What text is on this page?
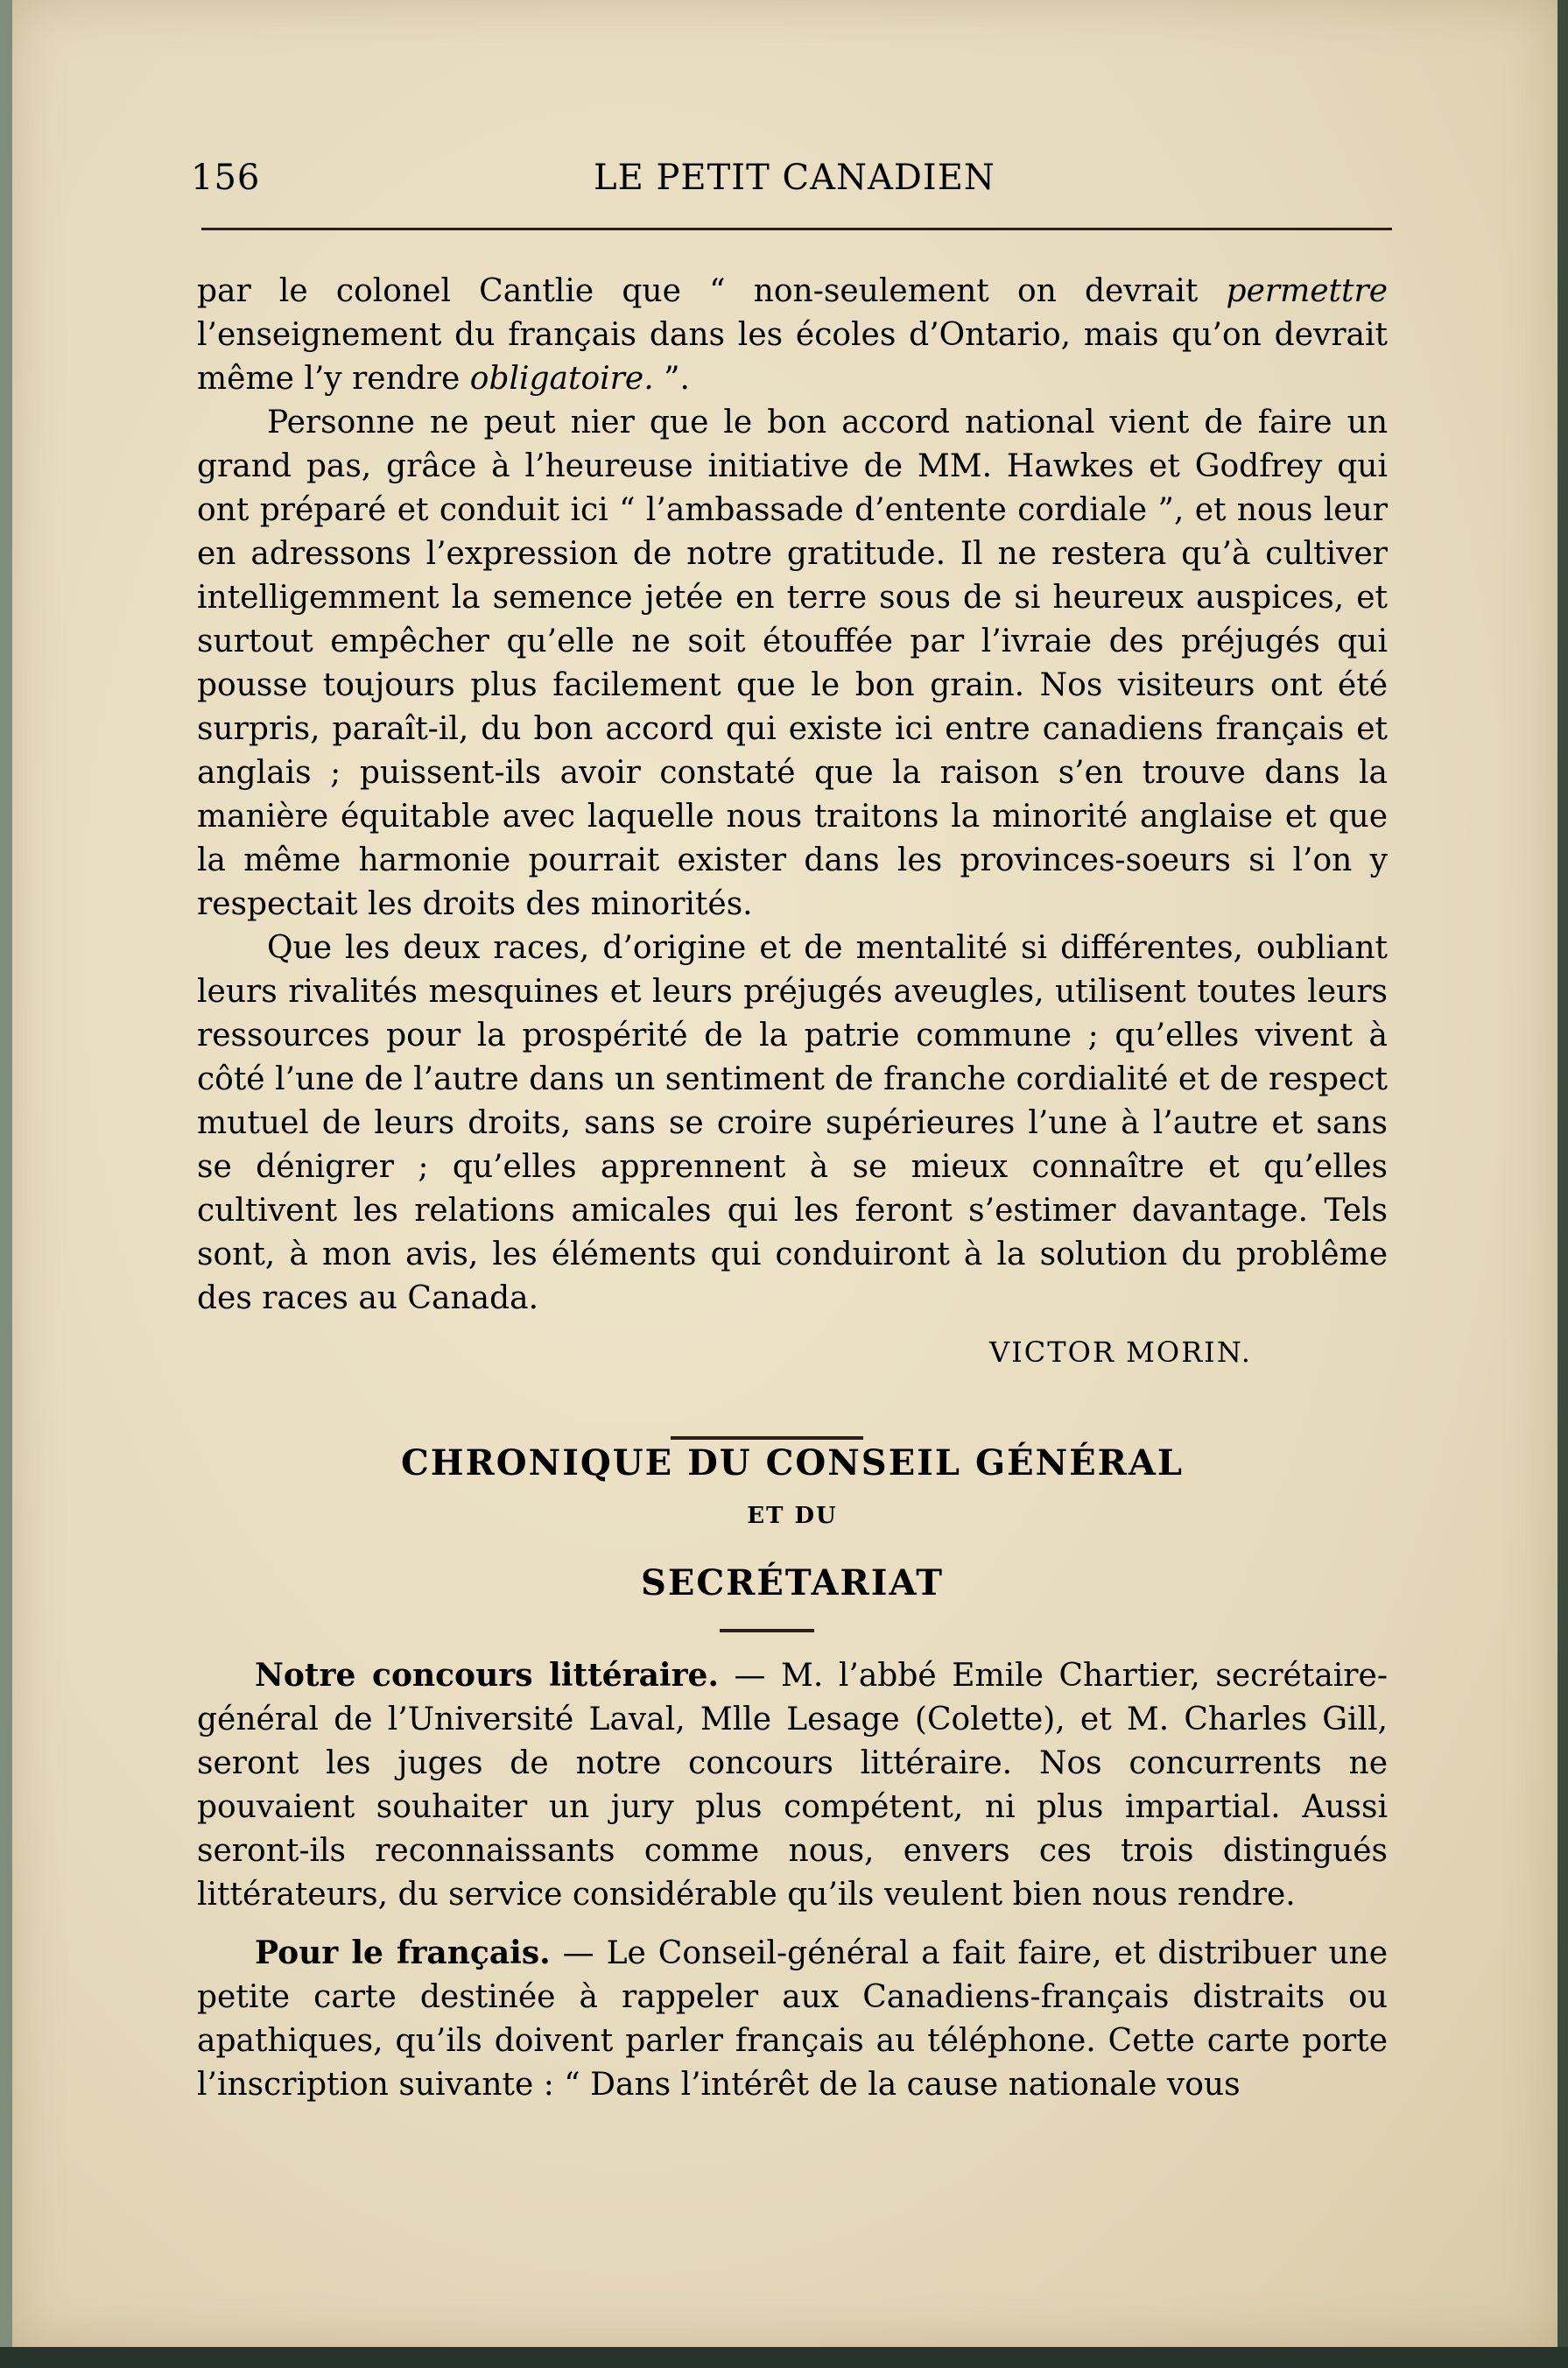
156	LE PETIT CANADIEN

par le colonel Cantlie que “ non-seulement on devrait permettre l’enseignement du français dans les écoles d’Ontario, mais qu’on devrait même l’y rendre obligatoire. ”.

Personne ne peut nier que le bon accord national vient de faire un grand pas, grâce à l’heureuse initiative de MM. Hawkes et Godfrey qui ont préparé et conduit ici “ l’ambassade d’entente cordiale ”, et nous leur en adressons l’expression de notre gratitude. Il ne restera qu’à cultiver intelligemment la semence jetée en terre sous de si heureux auspices, et surtout empêcher qu’elle ne soit étouffée par l’ivraie des préjugés qui pousse toujours plus facilement que le bon grain. Nos visiteurs ont été surpris, paraît-il, du bon accord qui existe ici entre canadiens français et anglais ; puissent-ils avoir constaté que la raison s’en trouve dans la manière équitable avec laquelle nous traitons la minorité anglaise et que la même harmonie pourrait exister dans les provinces-soeurs si l’on y respectait les droits des minorités.

Que les deux races, d’origine et de mentalité si différentes, oubliant leurs rivalités mesquines et leurs préjugés aveugles, utilisent toutes leurs ressources pour la prospérité de la patrie commune ; qu’elles vivent à côté l’une de l’autre dans un sentiment de franche cordialité et de respect mutuel de leurs droits, sans se croire supérieures l’une à l’autre et sans se dénigrer ; qu’elles apprennent à se mieux connaître et qu’elles cultivent les relations amicales qui les feront s’estimer davantage. Tels sont, à mon avis, les éléments qui conduiront à la solution du problême des races au Canada.

VICTOR MORIN.
CHRONIQUE DU CONSEIL GÉNÉRAL
ET DU
SECRÉTARIAT

Notre concours littéraire. — M. l’abbé Emile Chartier, secrétaire-général de l’Université Laval, Mlle Lesage (Colette), et M. Charles Gill, seront les juges de notre concours littéraire. Nos concurrents ne pouvaient souhaiter un jury plus compétent, ni plus impartial. Aussi seront-ils reconnaissants comme nous, envers ces trois distingués littérateurs, du service considérable qu’ils veulent bien nous rendre.

Pour le français. — Le Conseil-général a fait faire, et distribuer une petite carte destinée à rappeler aux Canadiens-français distraits ou apathiques, qu’ils doivent parler français au téléphone. Cette carte porte l’inscription suivante : “ Dans l’intérêt de la cause nationale vous
